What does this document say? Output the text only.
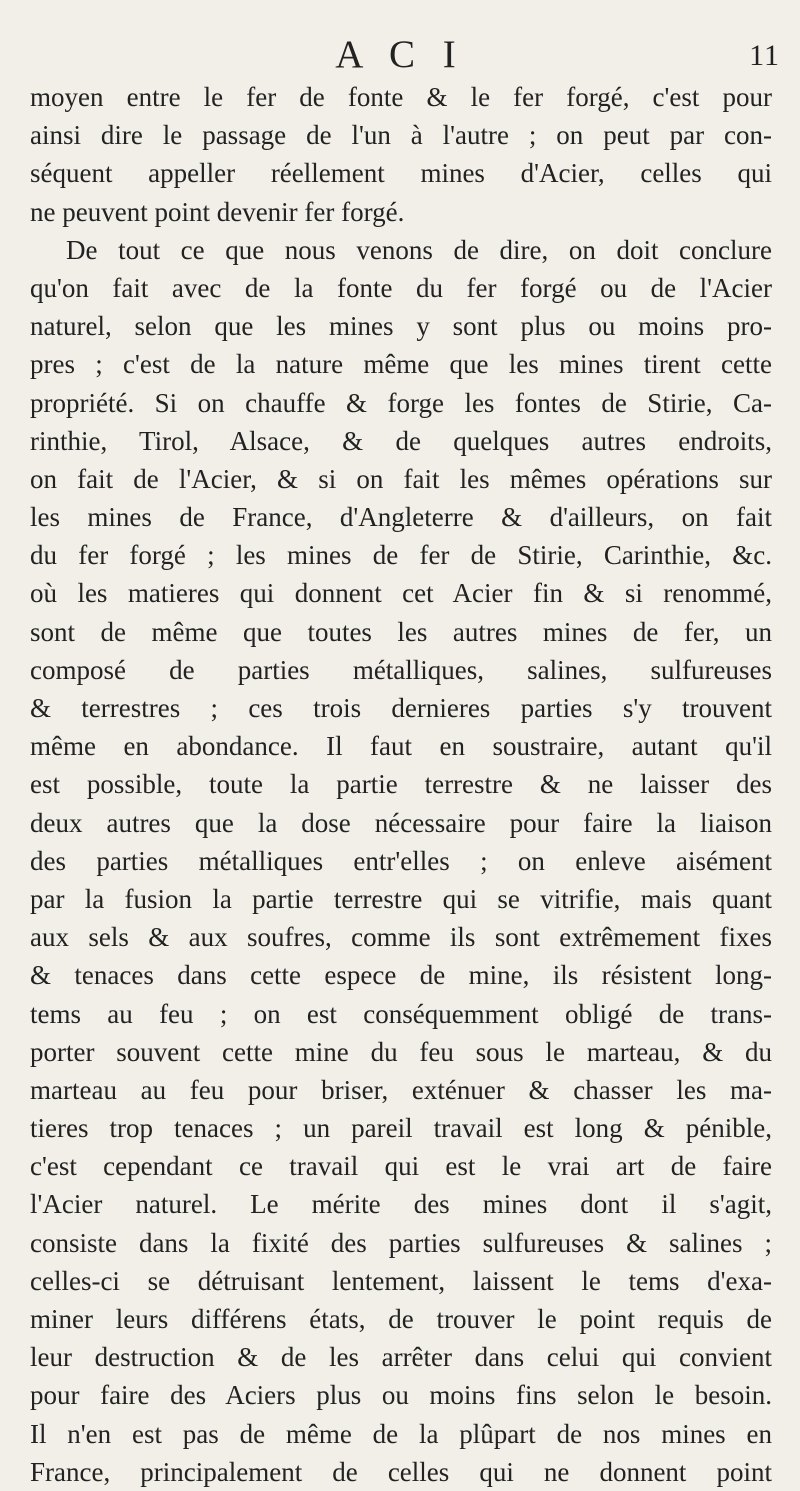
A C I	11
moyen entre le fer de fonte & le fer forgé, c'est pour
ainsi dire le passage de l'un à l'autre ; on peut par con-
séquent appeller réellement mines d'Acier, celles qui
ne peuvent point devenir fer forgé.
De tout ce que nous venons de dire, on doit conclure
qu'on fait avec de la fonte du fer forgé ou de l'Acier
naturel, selon que les mines y sont plus ou moins pro-
pres ; c'est de la nature même que les mines tirent cette
propriété. Si on chauffe & forge les fontes de Stirie, Ca-
rinthie, Tirol, Alsace, & de quelques autres endroits,
on fait de l'Acier, & si on fait les mêmes opérations sur
les mines de France, d'Angleterre & d'ailleurs, on fait
du fer forgé ; les mines de fer de Stirie, Carinthie, &c.
où les matieres qui donnent cet Acier fin & si renommé,
sont de même que toutes les autres mines de fer, un
composé de parties métalliques, salines, sulfureuses
& terrestres ; ces trois dernieres parties s'y trouvent
même en abondance. Il faut en soustraire, autant qu'il
est possible, toute la partie terrestre & ne laisser des
deux autres que la dose nécessaire pour faire la liaison
des parties métalliques entr'elles ; on enleve aisément
par la fusion la partie terrestre qui se vitrifie, mais quant
aux sels & aux soufres, comme ils sont extrêmement fixes
& tenaces dans cette espece de mine, ils résistent long-
tems au feu ; on est conséquemment obligé de trans-
porter souvent cette mine du feu sous le marteau, & du
marteau au feu pour briser, exténuer & chasser les ma-
tieres trop tenaces ; un pareil travail est long & pénible,
c'est cependant ce travail qui est le vrai art de faire
l'Acier naturel. Le mérite des mines dont il s'agit,
consiste dans la fixité des parties sulfureuses & salines ;
celles-ci se détruisant lentement, laissent le tems d'exa-
miner leurs différens états, de trouver le point requis de
leur destruction & de les arrêter dans celui qui convient
pour faire des Aciers plus ou moins fins selon le besoin.
Il n'en est pas de même de la plûpart de nos mines en
France, principalement de celles qui ne donnent point
